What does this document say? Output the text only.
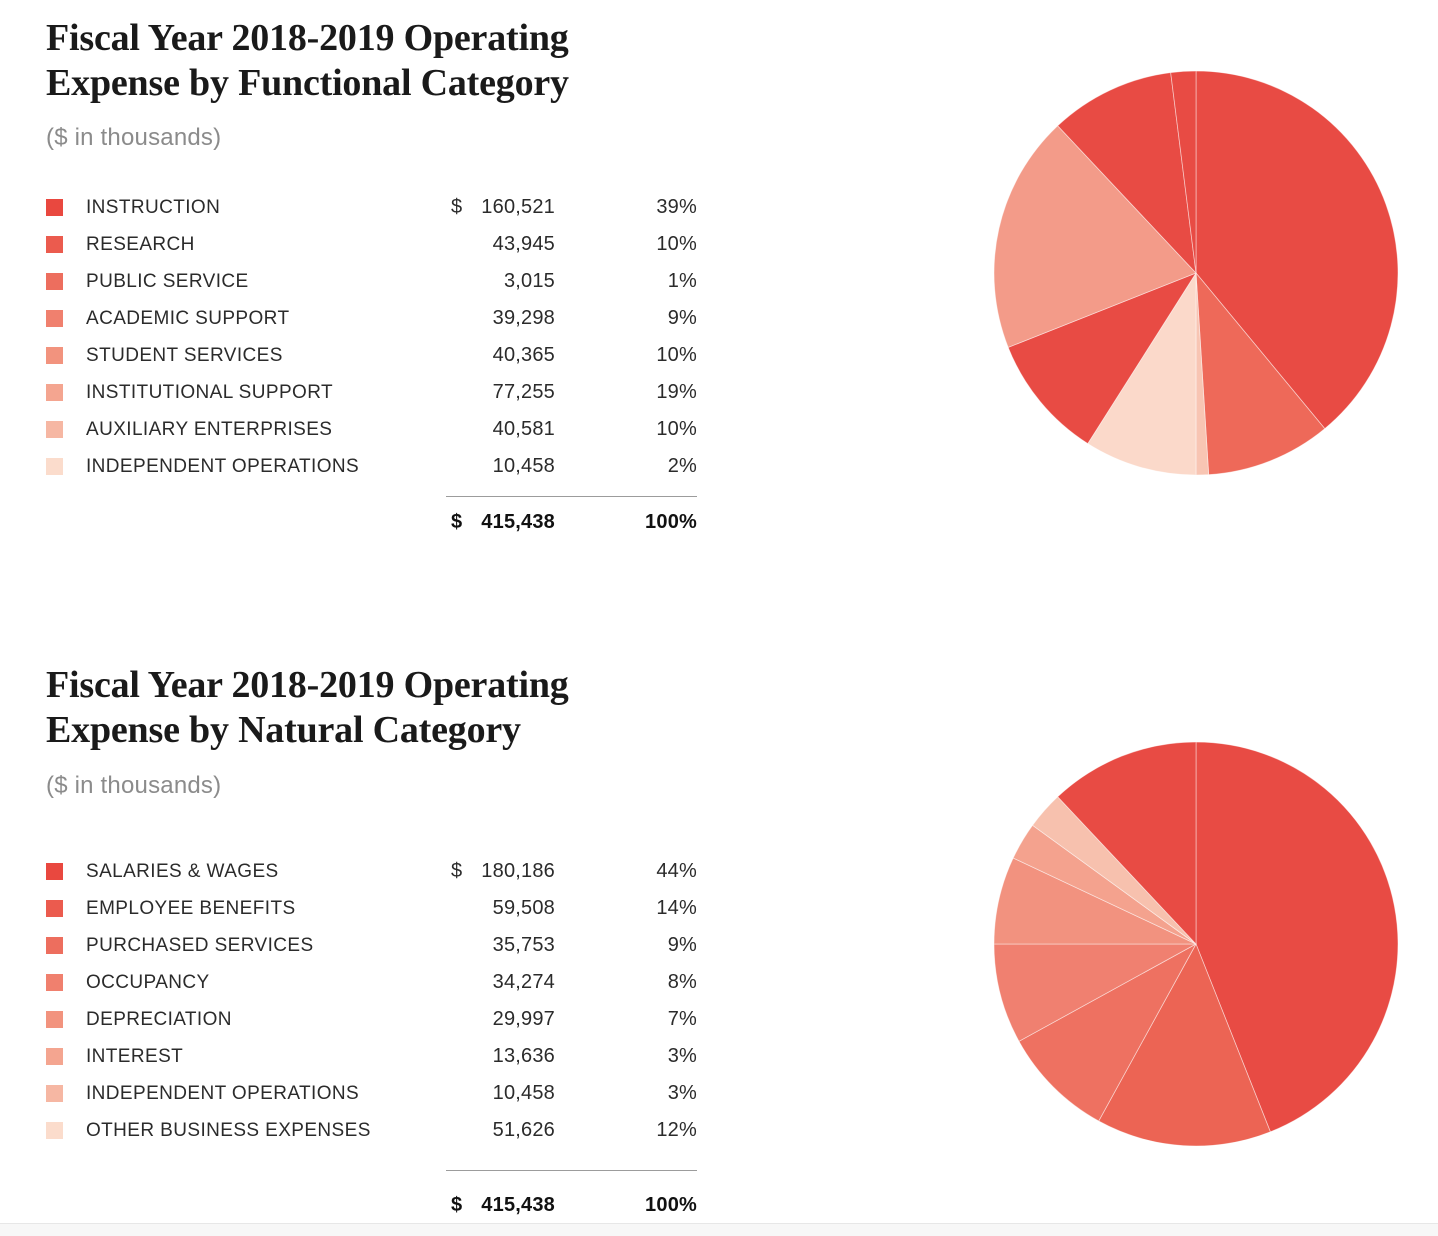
Fiscal Year 2018-2019 Operating
Expense by Functional Category

($ in thousands)

INSTRUCTION	$ 160,521	39%
RESEARCH	43,945	10%
PUBLIC SERVICE	3,015	1%
ACADEMIC SUPPORT	39,298	9%
STUDENT SERVICES	40,365	10%
INSTITUTIONAL SUPPORT	77,255	19%
AUXILIARY ENTERPRISES	40,581	10%
INDEPENDENT OPERATIONS	10,458	2%
$ 415,438	100%
Fiscal Year 2018-2019 Operating
Expense by Natural Category

($ in thousands)

SALARIES & WAGES	$ 180,186	44%
EMPLOYEE BENEFITS	59,508	14%
PURCHASED SERVICES	35,753	9%
OCCUPANCY	34,274	8%
DEPRECIATION	29,997	7%
INTEREST	13,636	3%
INDEPENDENT OPERATIONS	10,458	3%
OTHER BUSINESS EXPENSES	51,626	12%
$ 415,438	100%
